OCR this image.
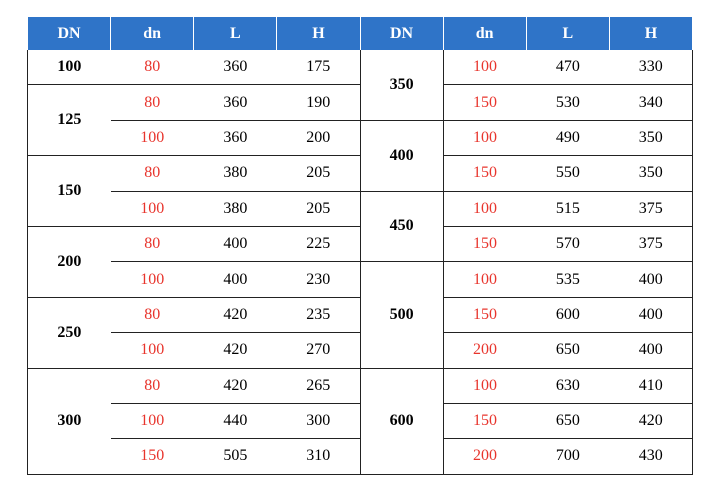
DN	dn	L	H	DN	dn	L	H
100	80	360	175	350	100	470	330
125	80	360	190		150	530	340
	100	360	200	400	100	490	350
150	80	380	205		150	550	350
	100	380	205	450	100	515	375
200	80	400	225		150	570	375
	100	400	230	500	100	535	400
250	80	420	235		150	600	400
	100	420	270		200	650	400
300	80	420	265	600	100	630	410
	100	440	300		150	650	420
	150	505	310		200	700	430
